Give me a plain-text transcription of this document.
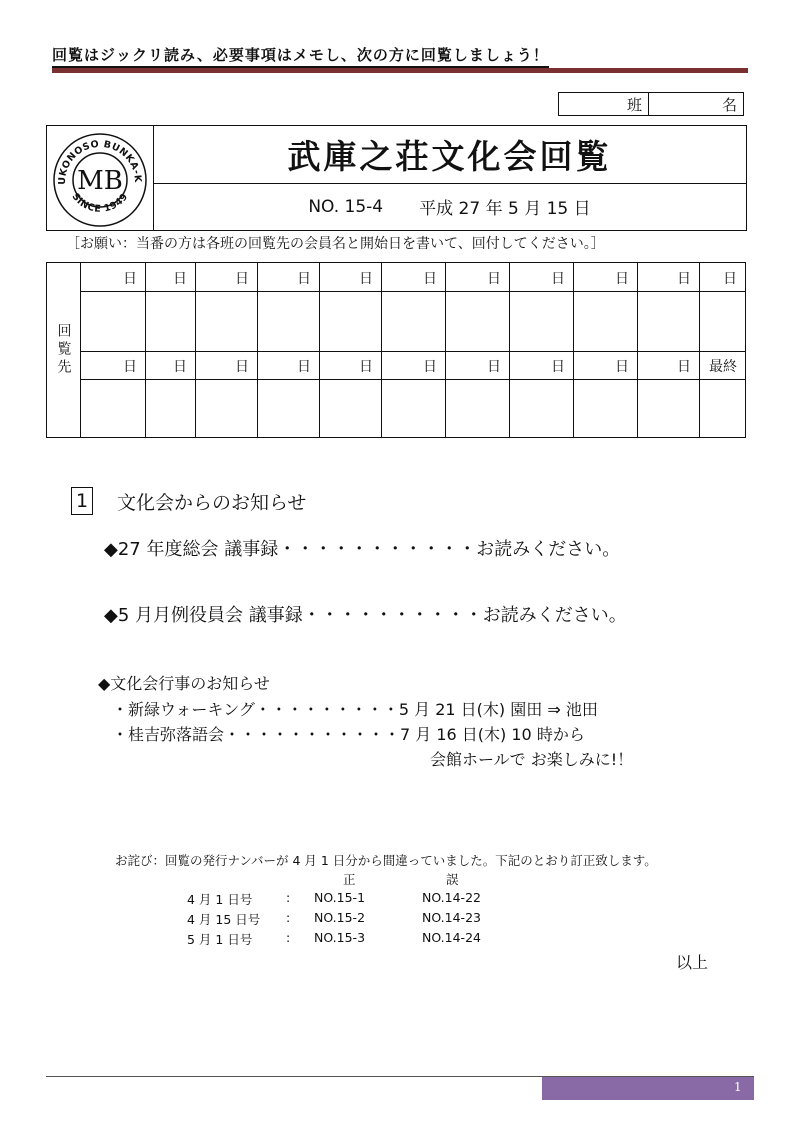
回覧はジックリ読み、必要事項はメモし、次の方に回覧しましょう！
班	名
UKONOSO BUNKA-K
SINCE 1949
MB
武庫之荘文化会回覧
NO. 15-4 平成 27 年 5 月 15 日
［お願い：当番の方は各班の回覧先の会員名と開始日を書いて、回付してください。］
回覧先
日	日	日	日	日	日	日	日	日	日	日
日	日	日	日	日	日	日	日	日	日	最終
1 文化会からのお知らせ
◆27 年度総会 議事録・・・・・・・・・・・お読みください。
◆5 月月例役員会 議事録・・・・・・・・・・お読みください。
◆文化会行事のお知らせ
・新緑ウォーキング・・・・・・・・・5 月 21 日(木) 園田 ⇒ 池田
・桂吉弥落語会・・・・・・・・・・・7 月 16 日(木) 10 時から
会館ホールで お楽しみに!！
お詫び：回覧の発行ナンバーが 4 月 1 日分から間違っていました。下記のとおり訂正致します。
正	誤
4 月 1 日号	: NO.15-1	NO.14-22
4 月 15 日号 : NO.15-2	NO.14-23
5 月 1 日号	: NO.15-3	NO.14-24
以上
1
